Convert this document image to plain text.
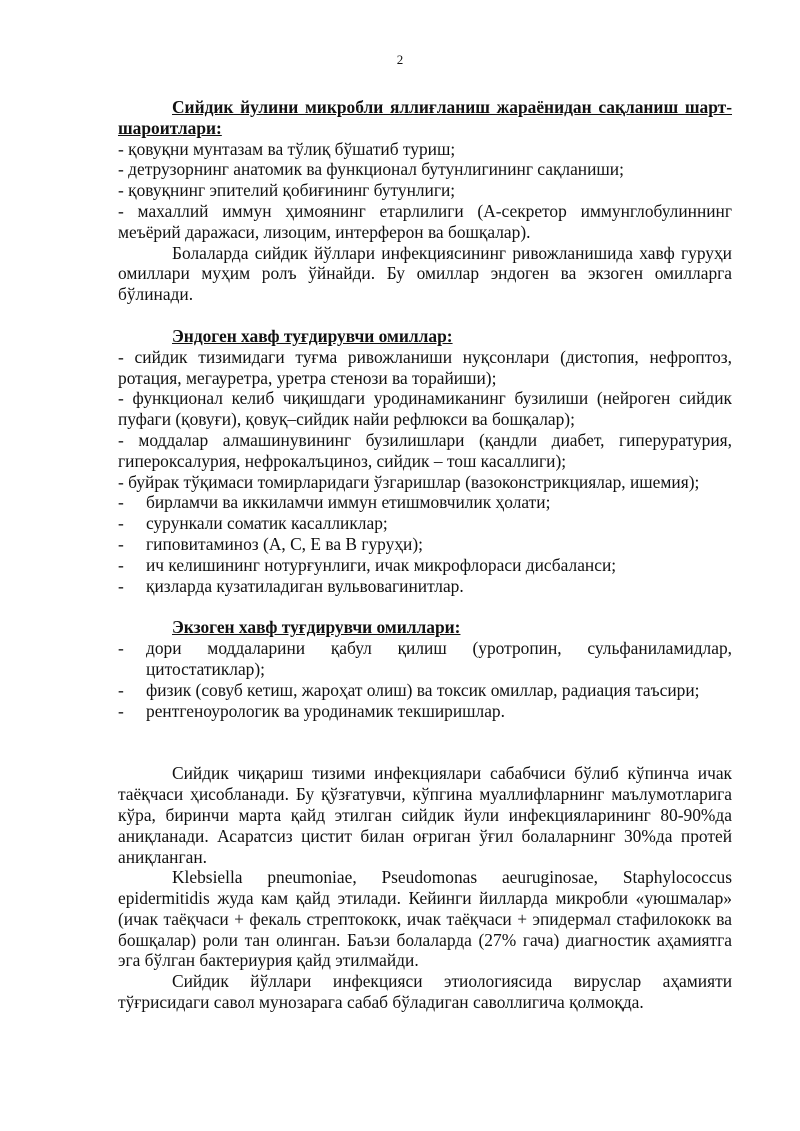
2

Сийдик йулини микробли яллиғланиш жараёнидан сақланиш шарт-шароитлари:

- қовуқни мунтазам ва тўлиқ бўшатиб туриш;

- детрузорнинг анатомик ва функционал бутунлигининг сақланиши;

- қовуқнинг эпителий қобиғининг бутунлиги;

- махаллий иммун ҳимоянинг етарлилиги (А-секретор иммунглобулиннинг меъёрий даражаси, лизоцим, интерферон ва бошқалар).

Болаларда сийдик йўллари инфекциясининг ривожланишида хавф гуруҳи омиллари муҳим ролъ ўйнайди. Бу омиллар эндоген ва экзоген омилларга бўлинади.

Эндоген хавф туғдирувчи омиллар:

- сийдик тизимидаги туғма ривожланиши нуқсонлари (дистопия, нефроптоз, ротация, мегауретра, уретра стенози ва торайиши);

- функционал келиб чиқишдаги уродинамиканинг бузилиши (нейроген сийдик пуфаги (қовуғи), қовуқ–сийдик найи рефлюкси ва бошқалар);

- моддалар алмашинувининг бузилишлари (қандли диабет, гиперуратурия, гипероксалурия, нефрокалъциноз, сийдик – тош касаллиги);

- буйрак тўқимаси томирларидаги ўзгаришлар (вазоконстрикциялар, ишемия);

- бирламчи ва иккиламчи иммун етишмовчилик ҳолати;
- сурункали соматик касалликлар;
- гиповитаминоз (А, С, Е ва В гуруҳи);
- ич келишининг нотурғунлиги, ичак микрофлораси дисбаланси;
- қизларда кузатиладиган вульвовагинитлар.

Экзоген хавф туғдирувчи омиллари:

- дори моддаларини қабул қилиш (уротропин, сульфаниламидлар, цитостатиклар);
- физик (совуб кетиш, жароҳат олиш) ва токсик омиллар, радиация таъсири;
- рентгеноурологик ва уродинамик текширишлар.

Сийдик чиқариш тизими инфекциялари сабабчиси бўлиб кўпинча ичак таёқчаси ҳисобланади. Бу қўзғатувчи, кўпгина муаллифларнинг маълумотларига кўра, биринчи марта қайд этилган сийдик йули инфекцияларининг 80-90%да аниқланади. Асаратсиз цистит билан оғриган ўғил болаларнинг 30%да протей аниқланган.

Klebsiella pneumoniae, Pseudomonas aeuruginosae, Staphylococcus epidermitidis жуда кам қайд этилади. Кейинги йилларда микробли «уюшмалар» (ичак таёқчаси + фекаль стрептококк, ичак таёқчаси + эпидермал стафилококк ва бошқалар) роли тан олинган. Баъзи болаларда (27% гача) диагностик аҳамиятга эга бўлган бактериурия қайд этилмайди.

Сийдик йўллари инфекцияси этиологиясида вируслар аҳамияти тўғрисидаги савол мунозарага сабаб бўладиган саволлигича қолмоқда.
